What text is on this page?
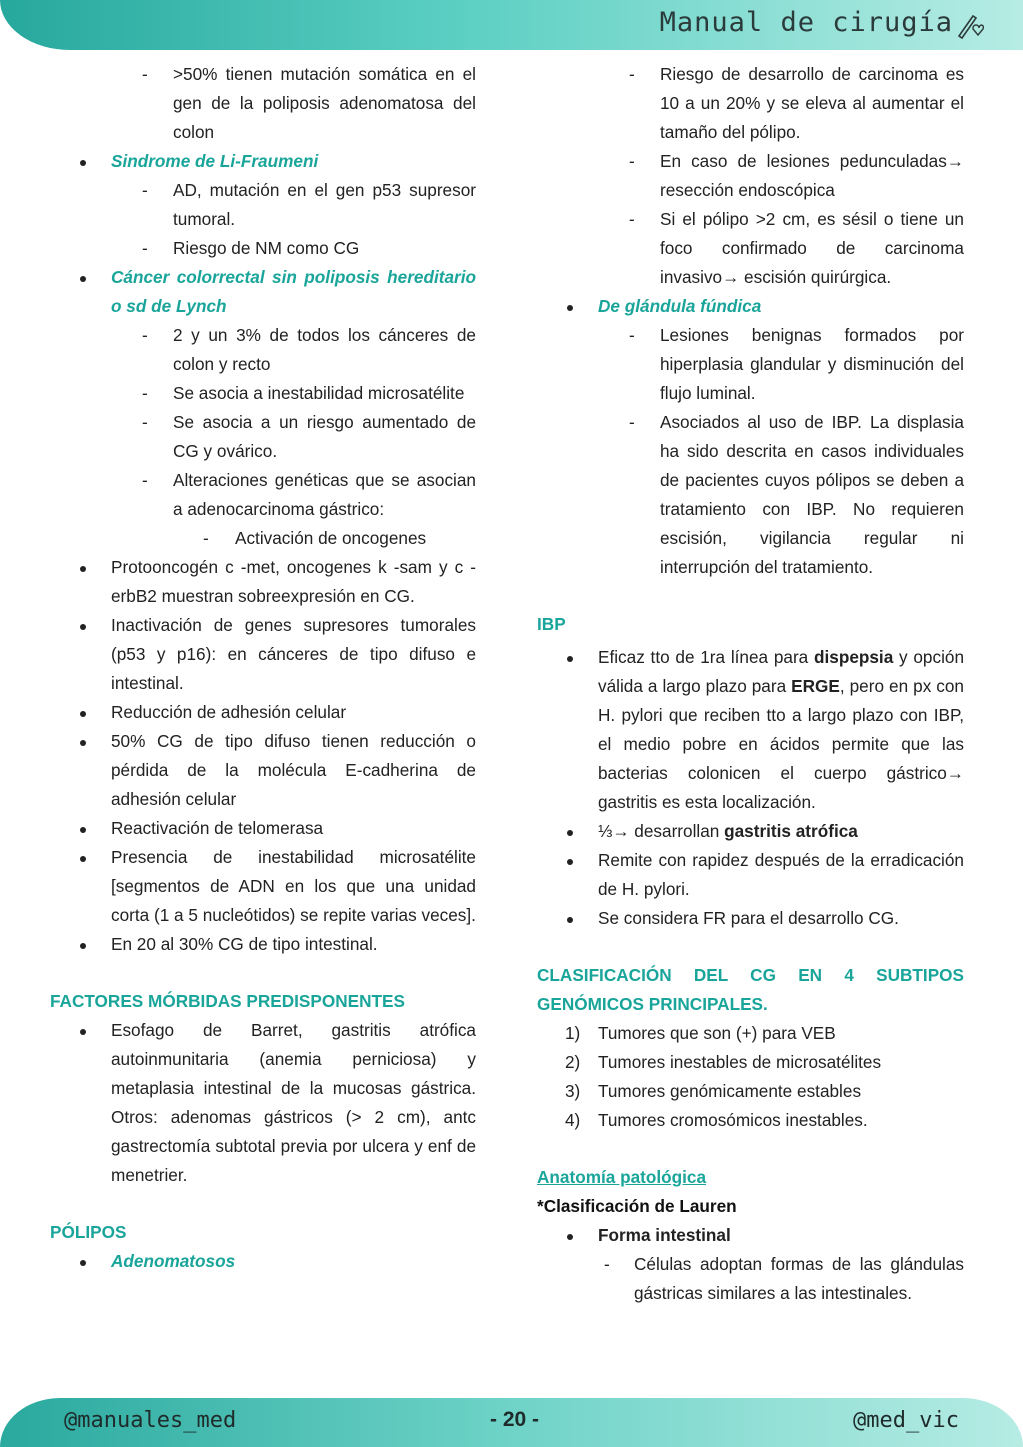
Manual de cirugía
- >50% tienen mutación somática en el gen de la poliposis adenomatosa del colon

Sindrome de Li-Fraumeni

- AD, mutación en el gen p53 supresor tumoral.

- Riesgo de NM como CG

Cáncer colorrectal sin poliposis hereditario o sd de Lynch

- 2 y un 3% de todos los cánceres de colon y recto

- Se asocia a inestabilidad microsatélite

- Se asocia a un riesgo aumentado de CG y ovárico.

- Alteraciones genéticas que se asocian a adenocarcinoma gástrico:

- Activación de oncogenes

Protooncogén c -met, oncogenes k -sam y c -erbB2 muestran sobreexpresión en CG.

Inactivación de genes supresores tumorales (p53 y p16): en cánceres de tipo difuso e intestinal.

Reducción de adhesión celular

50% CG de tipo difuso tienen reducción o pérdida de la molécula E-cadherina de adhesión celular

Reactivación de telomerasa

Presencia de inestabilidad microsatélite [segmentos de ADN en los que una unidad corta (1 a 5 nucleótidos) se repite varias veces].

En 20 al 30% CG de tipo intestinal.

FACTORES MÓRBIDAS PREDISPONENTES

Esofago de Barret, gastritis atrófica autoinmunitaria (anemia perniciosa) y metaplasia intestinal de la mucosas gástrica. Otros: adenomas gástricos (> 2 cm), antc gastrectomía subtotal previa por ulcera y enf de menetrier.

PÓLIPOS

Adenomatosos

- Riesgo de desarrollo de carcinoma es 10 a un 20% y se eleva al aumentar el tamaño del pólipo.

- En caso de lesiones pedunculadas→ resección endoscópica

- Si el pólipo >2 cm, es sésil o tiene un foco confirmado de carcinoma invasivo→ escisión quirúrgica.

De glándula fúndica

- Lesiones benignas formados por hiperplasia glandular y disminución del flujo luminal.

- Asociados al uso de IBP. La displasia ha sido descrita en casos individuales de pacientes cuyos pólipos se deben a tratamiento con IBP. No requieren escisión, vigilancia regular ni interrupción del tratamiento.

IBP

Eficaz tto de 1ra línea para dispepsia y opción válida a largo plazo para ERGE, pero en px con H. pylori que reciben tto a largo plazo con IBP, el medio pobre en ácidos permite que las bacterias colonicen el cuerpo gástrico→ gastritis es esta localización.

⅓→ desarrollan gastritis atrófica

Remite con rapidez después de la erradicación de H. pylori.

Se considera FR para el desarrollo CG.

CLASIFICACIÓN DEL CG EN 4 SUBTIPOS GENÓMICOS PRINCIPALES.
1) Tumores que son (+) para VEB

2) Tumores inestables de microsatélites

3) Tumores genómicamente estables

4) Tumores cromosómicos inestables.

Anatomía patológica
*Clasificación de Lauren

Forma intestinal

- Células adoptan formas de las glándulas gástricas similares a las intestinales.

@manuales_med	- 20 -	@med_vic
